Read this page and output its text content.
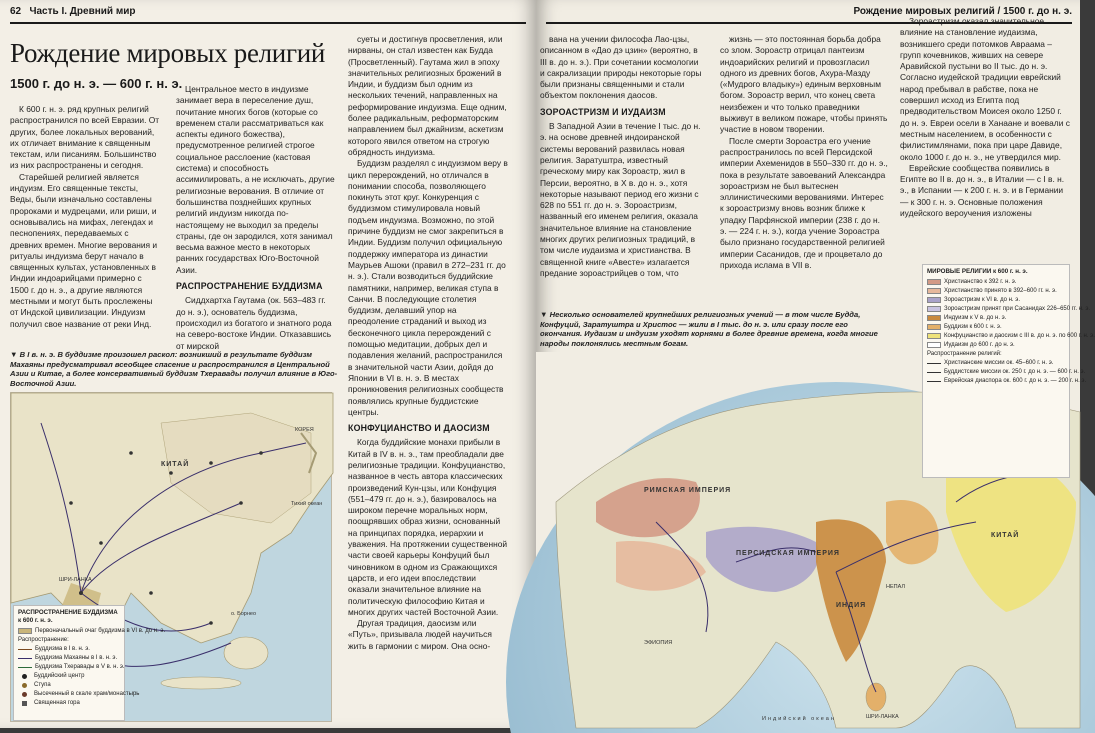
62 Часть I. Древний мир
Рождение мировых религий
1500 г. до н. э. — 600 г. н. э.

К 600 г. н. э. ряд крупных религий распространился по всей Евразии. От других, более локальных верований, их отличает внимание к священным текстам, или писаниям. Большинство из них распространены и сегодня.

Старейшей религией является индуизм. Его священные тексты, Веды, были изначально составлены пророками и мудрецами, или риши, и основывались на мифах, легендах и песнопениях, передаваемых с древних времен. Многие верования и ритуалы индуизма берут начало в священных культах, установленных в Индии индоарийцами примерно с 1500 г. до н. э., а другие являются местными и могут быть прослежены от Индской цивилизации. Индуизм получил свое название от реки Инд.

Центральное место в индуизме занимает вера в переселение душ, почитание многих богов (которые со временем стали рассматриваться как аспекты единого божества), предусмотренное религией строгое социальное расслоение (кастовая система) и способность ассимилировать, а не исключать, другие религиозные верования. В отличие от большинства позднейших крупных религий индуизм никогда по-настоящему не выходил за пределы страны, где он зародился, хотя занимал весьма важное место в некоторых ранних государствах Юго-Восточной Азии.

РАСПРОСТРАНЕНИЕ БУДДИЗМА

Сиддхартха Гаутама (ок. 563–483 гг. до н. э.), основатель буддизма, происходил из богатого и знатного рода на северо-востоке Индии. Отказавшись от мирской

суеты и достигнув просветления, или нирваны, он стал известен как Будда (Просветленный). Гаутама жил в эпоху значительных религиозных брожений в Индии, и буддизм был одним из нескольких течений, направленных на реформирование индуизма. Еще одним, более радикальным, реформаторским направлением был джайнизм, аскетизм которого явился ответом на строгую обрядность индуизма.

Буддизм разделял с индуизмом веру в цикл перерождений, но отличался в понимании способа, позволяющего покинуть этот круг. Конкуренция с буддизмом стимулировала новый подъем индуизма. Возможно, по этой причине буддизм не смог закрепиться в Индии. Буддизм получил официальную поддержку императора из династии Маурьев Ашоки (правил в 272–231 гг. до н. э.). Стали возводиться буддийские памятники, например, великая ступа в Санчи. В последующие столетия буддизм, делавший упор на преодоление страданий и выход из бесконечного цикла перерождений с помощью медитации, добрых дел и подавления желаний, распространился в значительной части Азии, дойдя до Японии в VI в. н. э. В местах проникновения религиозных сообществ появлялись крупные буддистские центры.

КОНФУЦИАНСТВО И ДАОСИЗМ

Когда буддийские монахи прибыли в Китай в IV в. н. э., там преобладали две религиозные традиции. Конфуцианство, названное в честь автора классических произведений Кун-цзы, или Конфуция (551–479 гг. до н. э.), базировалось на широком перечне моральных норм, поощрявших образ жизни, основанный на принципах порядка, иерархии и уважения. На протяжении существенной части своей карьеры Конфуций был чиновником в одном из Сражающихся царств, и его идеи впоследствии оказали значительное влияние на политическую философию Китая и многих других частей Восточной Азии.

Другая традиция, даосизм или «Путь», призывала людей научиться жить в гармонии с миром. Она осно-

▼ В I в. н. э. В буддизме произошел раскол: возникший в результате буддизм Махаяны предусматривал всеобщее спасение и распространился в Центральной Азии и Китае, а более консервативный буддизм Тхеравады получил влияние в Юго-Восточной Азии.
КИТАЙ
Тихий океан
ШРИ-ЛАНКА
о. Борнео
КОРЕЯ
РАСПРОСТРАНЕНИЕ БУДДИЗМА к 600 г. н. э.
Первоначальный очаг буддизма в VI в. до н. э.
Распространение:
Буддизма в I в. н. э.
Буддизма Махаяны в I в. н. э.
Буддизма Тхеравады в V в. н. э.
Буддийский центр
Ступа
Высеченный в скале храм/монастырь
Священная гора
Рождение мировых религий / 1500 г. до н. э.

вана на учении философа Лао-цзы, описанном в «Дао дэ цзин» (вероятно, в III в. до н. э.). При сочетании космологии и сакрализации природы некоторые горы были признаны священными и стали объектом поклонения даосов.

ЗОРОАСТРИЗМ И ИУДАИЗМ

В Западной Азии в течение I тыс. до н. э. на основе древней индоиранской системы верований развилась новая религия. Заратуштра, известный греческому миру как Зороастр, жил в Персии, вероятно, в X в. до н. э., хотя некоторые называют период его жизни с 628 по 551 гг. до н. э. Зороастризм, названный его именем религия, оказала значительное влияние на становление многих других религиозных традиций, в том числе иудаизма и христианства. В священной книге «Авесте» излагается предание зороастрийцев о том, что

жизнь — это постоянная борьба добра со злом. Зороастр отрицал пантеизм индоарийских религий и провозгласил одного из древних богов, Ахура-Мазду («Мудрого владыку») единым верховным богом. Зороастр верил, что конец света неизбежен и что только праведники выживут в великом пожаре, чтобы принять участие в новом творении.

После смерти Зороастра его учение распространилось по всей Персидской империи Ахеменидов в 550–330 гг. до н. э., пока в результате завоеваний Александра зороастризм не был вытеснен эллинистическими верованиями. Интерес к зороастризму вновь возник ближе к упадку Парфянской империи (238 г. до н. э. — 224 г. н. э.), когда учение Зороастра было признано государственной религией империи Сасанидов, где и процветало до прихода ислама в VII в.

Зороастризм оказал значительное влияние на становление иудаизма, возникшего среди потомков Авраама – групп кочевников, живших на севере Аравийской пустыни во II тыс. до н. э. Согласно иудейской традиции еврейский народ пребывал в рабстве, пока не совершил исход из Египта под предводительством Моисея около 1250 г. до н. э. Евреи осели в Ханаане и воевали с местным населением, в особенности с филистимлянами, пока при царе Давиде, около 1000 г. до н. э., не утвердился мир.

Еврейские сообщества появились в Египте во II в. до н. э., в Италии — с I в. н. э., в Испании — к 200 г. н. э. и в Германии — к 300 г. н. э. Основные положения иудейского вероучения изложены

▼ Несколько основателей крупнейших религиозных учений — в том числе Будда, Конфуций, Заратуштра и Христос — жили в I тыс. до н. э. или сразу после его окончания. Иудаизм и индуизм уходят корнями в более древние времена, когда многие народы поклонялись местным богам.
РИМСКАЯ ИМПЕРИЯ
ПЕРСИДСКАЯ ИМПЕРИЯ
ИНДИЯ
КИТАЙ
ШРИ-ЛАНКА
НЕПАЛ
ЭФИОПИЯ
Индийский океан
МИРОВЫЕ РЕЛИГИИ к 600 г. н. э.
Христианство к 392 г. н. э.
Христианство принято в 392–600 гг. н. э.
Зороастризм к VI в. до н. э.
Зороастризм принят при Сасанидах 226–650 гг. н. э.
Индуизм к V в. до н. э.
Буддизм к 600 г. н. э.
Конфуцианство и даосизм с III в. до н. э. по 600 г. н. э.
Иудаизм до 600 г. до н. э.
Распространение религий:
Христианские миссии ок. 45–600 г. н. э.
Буддистские миссии ок. 250 г. до н. э. — 600 г. н. э.
Еврейская диаспора ок. 600 г. до н. э. — 200 г. н. э.
